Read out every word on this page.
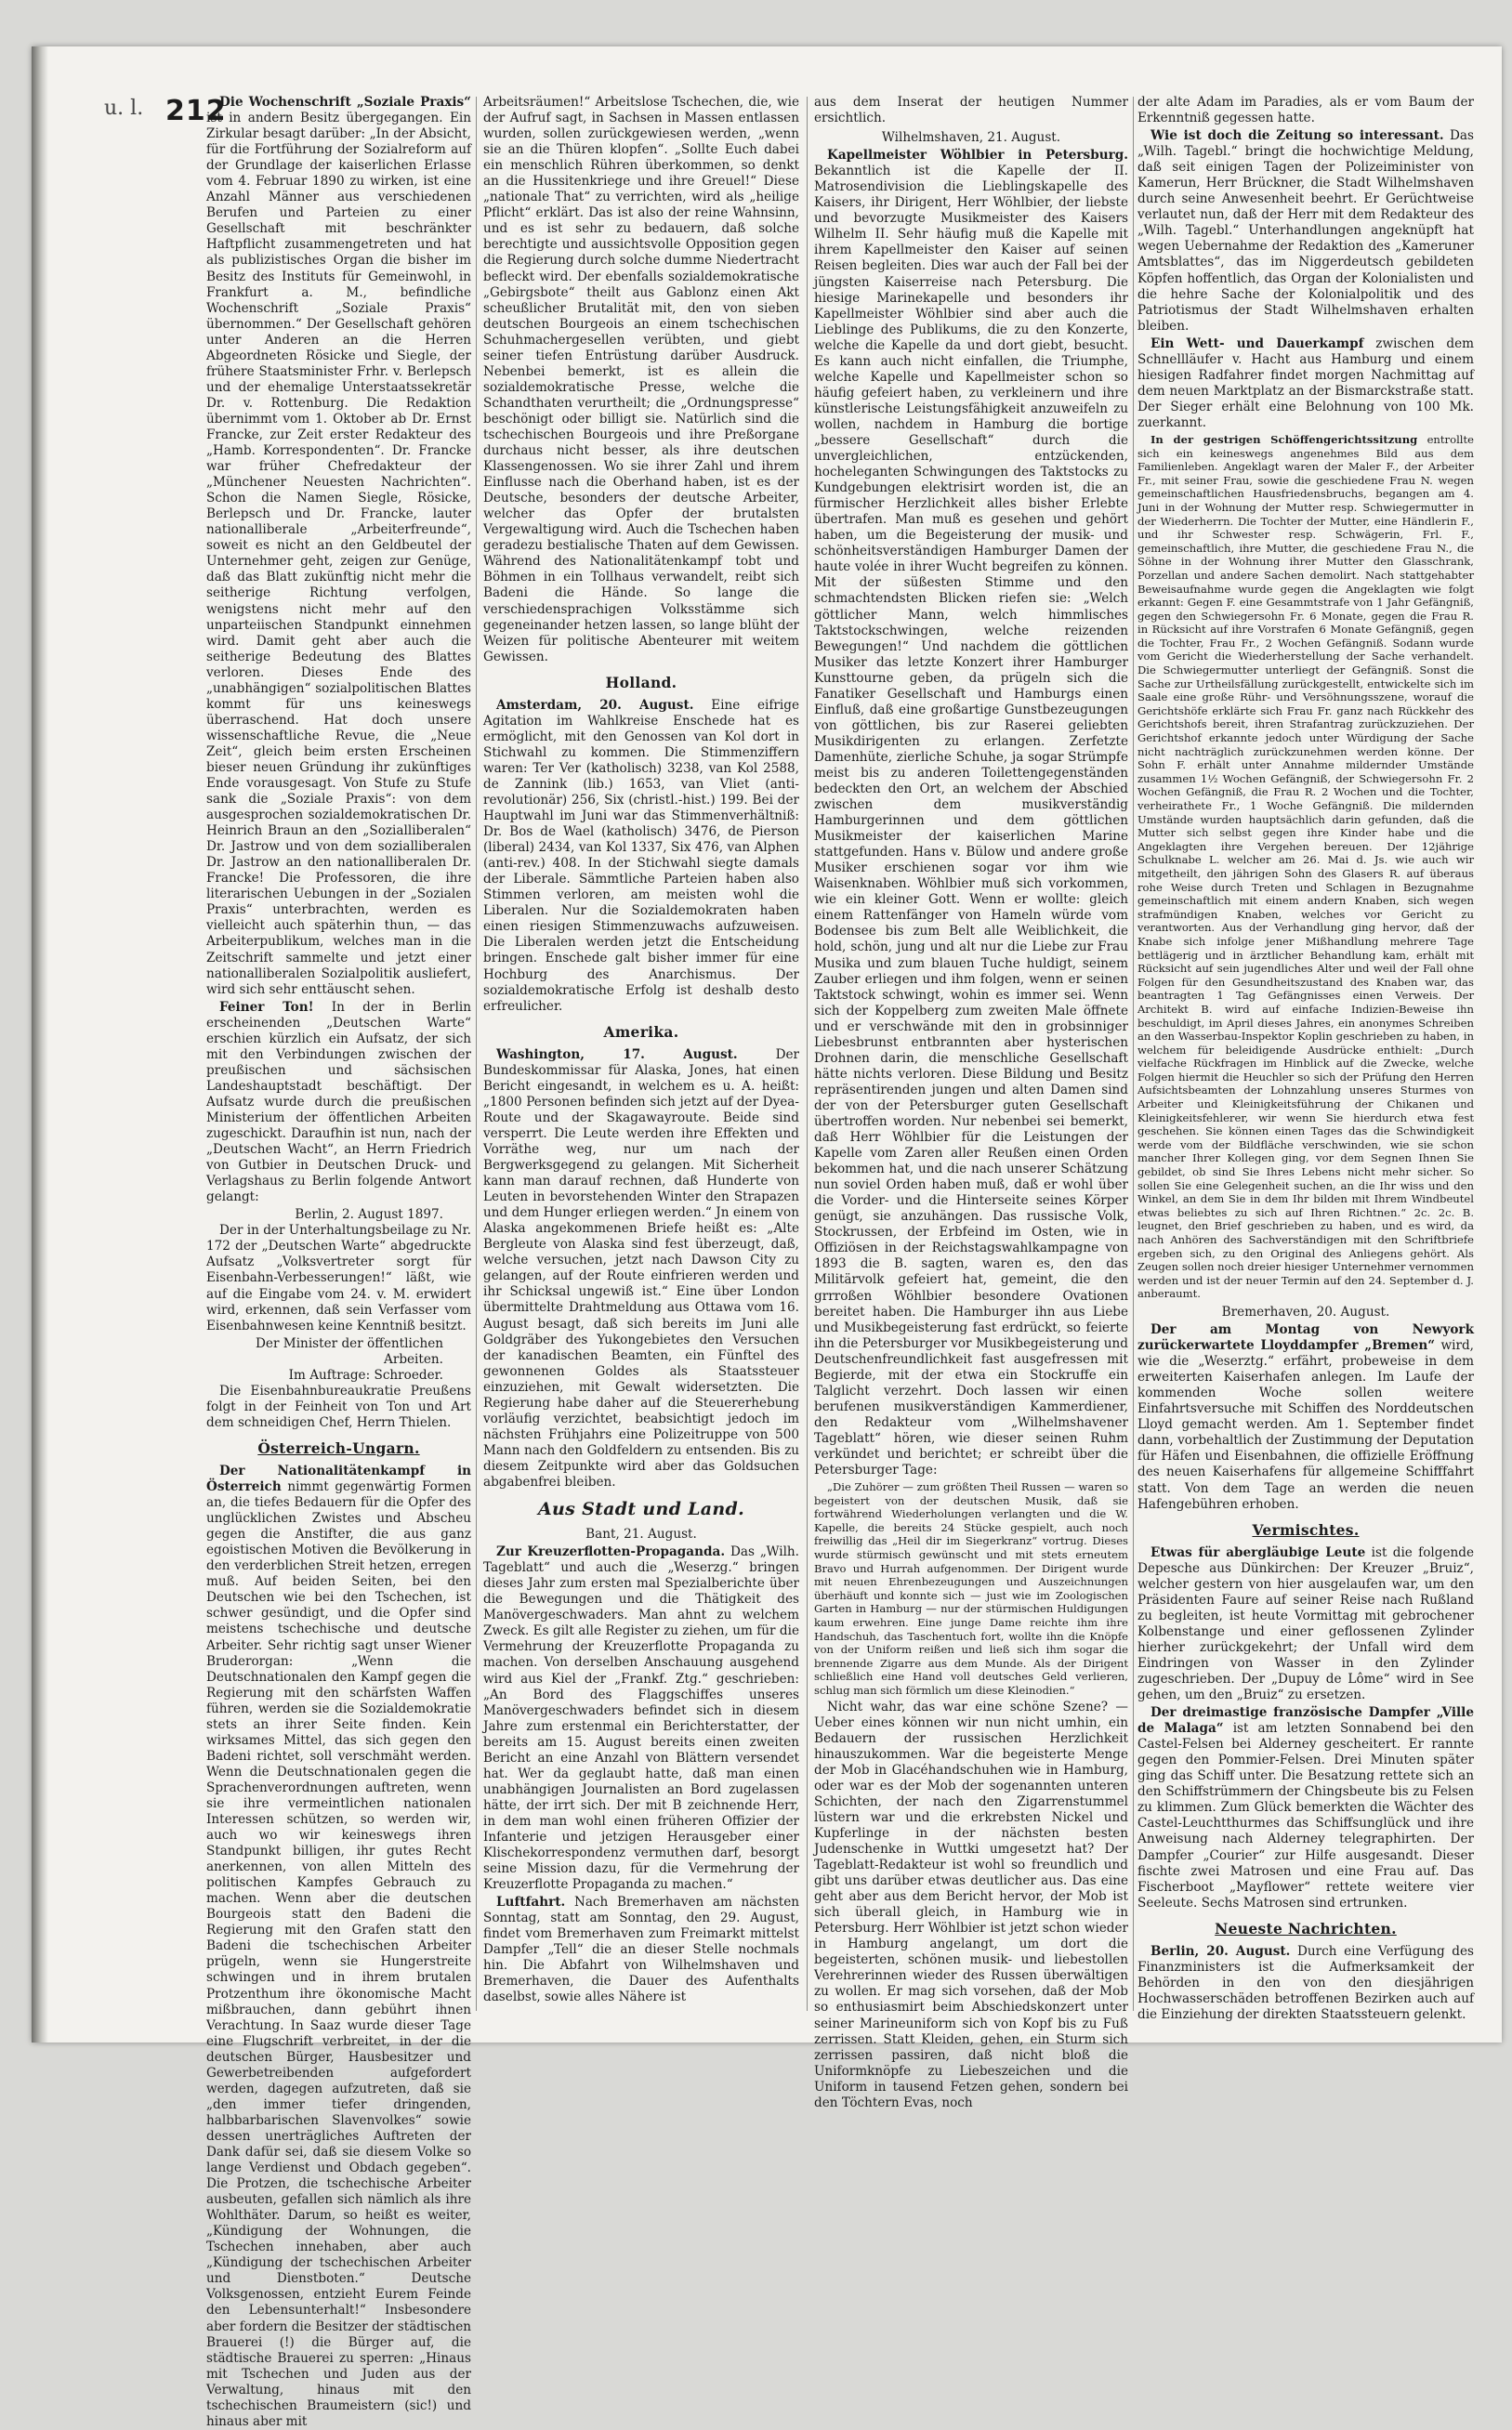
u. l. 212

Die Wochenschrift „Soziale Praxis“ ist in andern Besitz übergegangen. Ein Zirkular besagt darüber: „In der Absicht, für die Fortführung der Sozialreform auf der Grundlage der kaiserlichen Erlasse vom 4. Februar 1890 zu wirken, ist eine Anzahl Männer aus verschiedenen Berufen und Parteien zu einer Gesellschaft mit beschränkter Haftpflicht zusammengetreten und hat als publizistisches Organ die bisher im Besitz des Instituts für Gemeinwohl, in Frankfurt a. M., befindliche Wochenschrift „Soziale Praxis“ übernommen.“ Der Gesellschaft gehören unter Anderen an die Herren Abgeordneten Rösicke und Siegle, der frühere Staatsminister Frhr. v. Berlepsch und der ehemalige Unterstaatssekretär Dr. v. Rottenburg. Die Redaktion übernimmt vom 1. Oktober ab Dr. Ernst Francke, zur Zeit erster Redakteur des „Hamb. Korrespondenten“. Dr. Francke war früher Chefredakteur der „Münchener Neuesten Nachrichten“. Schon die Namen Siegle, Rösicke, Berlepsch und Dr. Francke, lauter nationalliberale „Arbeiterfreunde“, soweit es nicht an den Geldbeutel der Unternehmer geht, zeigen zur Genüge, daß das Blatt zukünftig nicht mehr die seitherige Richtung verfolgen, wenigstens nicht mehr auf den unparteiischen Standpunkt einnehmen wird. Damit geht aber auch die seitherige Bedeutung des Blattes verloren. Dieses Ende des „unabhängigen“ sozialpolitischen Blattes kommt für uns keineswegs überraschend. Hat doch unsere wissenschaftliche Revue, die „Neue Zeit“, gleich beim ersten Erscheinen bieser neuen Gründung ihr zukünftiges Ende vorausgesagt. Von Stufe zu Stufe sank die „Soziale Praxis“: von dem ausgesprochen sozialdemokratischen Dr. Heinrich Braun an den „Sozialliberalen“ Dr. Jastrow und von dem sozialliberalen Dr. Jastrow an den nationalliberalen Dr. Francke! Die Professoren, die ihre literarischen Uebungen in der „Sozialen Praxis“ unterbrachten, werden es vielleicht auch späterhin thun, — das Arbeiterpublikum, welches man in die Zeitschrift sammelte und jetzt einer nationalliberalen Sozialpolitik ausliefert, wird sich sehr enttäuscht sehen.

Feiner Ton! In der in Berlin erscheinenden „Deutschen Warte“ erschien kürzlich ein Aufsatz, der sich mit den Verbindungen zwischen der preußischen und sächsischen Landeshauptstadt beschäftigt. Der Aufsatz wurde durch die preußischen Ministerium der öffentlichen Arbeiten zugeschickt. Daraufhin ist nun, nach der „Deutschen Wacht“, an Herrn Friedrich von Gutbier in Deutschen Druck- und Verlagshaus zu Berlin folgende Antwort gelangt:

Berlin, 2. August 1897.

Der in der Unterhaltungsbeilage zu Nr. 172 der „Deutschen Warte“ abgedruckte Aufsatz „Volksvertreter sorgt für Eisenbahn-Verbesserungen!“ läßt, wie auf die Eingabe vom 24. v. M. erwidert wird, erkennen, daß sein Verfasser vom Eisenbahnwesen keine Kenntniß besitzt.

Der Minister der öffentlichen Arbeiten.

Im Auftrage: Schroeder.

Die Eisenbahnbureaukratie Preußens folgt in der Feinheit von Ton und Art dem schneidigen Chef, Herrn Thielen.

Österreich-Ungarn.

Der Nationalitätenkampf in Österreich nimmt gegenwärtig Formen an, die tiefes Bedauern für die Opfer des unglücklichen Zwistes und Abscheu gegen die Anstifter, die aus ganz egoistischen Motiven die Bevölkerung in den verderblichen Streit hetzen, erregen muß. Auf beiden Seiten, bei den Deutschen wie bei den Tschechen, ist schwer gesündigt, und die Opfer sind meistens tschechische und deutsche Arbeiter. Sehr richtig sagt unser Wiener Bruderorgan: „Wenn die Deutschnationalen den Kampf gegen die Regierung mit den schärfsten Waffen führen, werden sie die Sozialdemokratie stets an ihrer Seite finden. Kein wirksames Mittel, das sich gegen den Badeni richtet, soll verschmäht werden. Wenn die Deutschnationalen gegen die Sprachenverordnungen auftreten, wenn sie ihre vermeintlichen nationalen Interessen schützen, so werden wir, auch wo wir keineswegs ihren Standpunkt billigen, ihr gutes Recht anerkennen, von allen Mitteln des politischen Kampfes Gebrauch zu machen. Wenn aber die deutschen Bourgeois statt den Badeni die Regierung mit den Grafen statt den Badeni die tschechischen Arbeiter prügeln, wenn sie Hungerstreite schwingen und in ihrem brutalen Protzenthum ihre ökonomische Macht mißbrauchen, dann gebührt ihnen Verachtung. In Saaz wurde dieser Tage eine Flugschrift verbreitet, in der die deutschen Bürger, Hausbesitzer und Gewerbetreibenden aufgefordert werden, dagegen aufzutreten, daß sie „den immer tiefer dringenden, halbbarbarischen Slavenvolkes“ sowie dessen unerträgliches Auftreten der Dank dafür sei, daß sie diesem Volke so lange Verdienst und Obdach gegeben“. Die Protzen, die tschechische Arbeiter ausbeuten, gefallen sich nämlich als ihre Wohlthäter. Darum, so heißt es weiter, „Kündigung der Wohnungen, die Tschechen innehaben, aber auch „Kündigung der tschechischen Arbeiter und Dienstboten.“ Deutsche Volksgenossen, entzieht Eurem Feinde den Lebensunterhalt!“ Insbesondere aber fordern die Besitzer der städtischen Brauerei (!) die Bürger auf, die städtische Brauerei zu sperren: „Hinaus mit Tschechen und Juden aus der Verwaltung, hinaus mit den tschechischen Braumeistern (sic!) und hinaus aber mit

Arbeitsräumen!“ Arbeitslose Tschechen, die, wie der Aufruf sagt, in Sachsen in Massen entlassen wurden, sollen zurückgewiesen werden, „wenn sie an die Thüren klopfen“. „Sollte Euch dabei ein menschlich Rühren überkommen, so denkt an die Hussitenkriege und ihre Greuel!“ Diese „nationale That“ zu verrichten, wird als „heilige Pflicht“ erklärt. Das ist also der reine Wahnsinn, und es ist sehr zu bedauern, daß solche berechtigte und aussichtsvolle Opposition gegen die Regierung durch solche dumme Niedertracht befleckt wird. Der ebenfalls sozialdemokratische „Gebirgsbote“ theilt aus Gablonz einen Akt scheußlicher Brutalität mit, den von sieben deutschen Bourgeois an einem tschechischen Schuhmachergesellen verübten, und giebt seiner tiefen Entrüstung darüber Ausdruck. Nebenbei bemerkt, ist es allein die sozialdemokratische Presse, welche die Schandthaten verurtheilt; die „Ordnungspresse“ beschönigt oder billigt sie. Natürlich sind die tschechischen Bourgeois und ihre Preßorgane durchaus nicht besser, als ihre deutschen Klassengenossen. Wo sie ihrer Zahl und ihrem Einflusse nach die Oberhand haben, ist es der Deutsche, besonders der deutsche Arbeiter, welcher das Opfer der brutalsten Vergewaltigung wird. Auch die Tschechen haben geradezu bestialische Thaten auf dem Gewissen. Während des Nationalitätenkampf tobt und Böhmen in ein Tollhaus verwandelt, reibt sich Badeni die Hände. So lange die verschiedensprachigen Volksstämme sich gegeneinander hetzen lassen, so lange blüht der Weizen für politische Abenteurer mit weitem Gewissen.

Holland.

Amsterdam, 20. August. Eine eifrige Agitation im Wahlkreise Enschede hat es ermöglicht, mit den Genossen van Kol dort in Stichwahl zu kommen. Die Stimmenziffern waren: Ter Ver (katholisch) 3238, van Kol 2588, de Zannink (lib.) 1653, van Vliet (anti-revolutionär) 256, Six (christl.-hist.) 199. Bei der Hauptwahl im Juni war das Stimmenverhältniß: Dr. Bos de Wael (katholisch) 3476, de Pierson (liberal) 2434, van Kol 1337, Six 476, van Alphen (anti-rev.) 408. In der Stichwahl siegte damals der Liberale. Sämmtliche Parteien haben also Stimmen verloren, am meisten wohl die Liberalen. Nur die Sozialdemokraten haben einen riesigen Stimmenzuwachs aufzuweisen. Die Liberalen werden jetzt die Entscheidung bringen. Enschede galt bisher immer für eine Hochburg des Anarchismus. Der sozialdemokratische Erfolg ist deshalb desto erfreulicher.

Amerika.

Washington, 17. August.	Der Bundeskommissar für Alaska, Jones, hat einen Bericht eingesandt, in welchem es u. A. heißt: „1800 Personen befinden sich jetzt auf der Dyea-Route und der Skagawayroute. Beide sind versperrt. Die Leute werden ihre Effekten und Vorräthe weg, nur um nach der Bergwerksgegend zu gelangen. Mit Sicherheit kann man darauf rechnen, daß Hunderte von Leuten in bevorstehenden Winter den Strapazen und dem Hunger erliegen werden.“ Jn einem von Alaska angekommenen Briefe heißt es: „Alte Bergleute von Alaska sind fest überzeugt, daß, welche versuchen, jetzt nach Dawson City zu gelangen, auf der Route einfrieren werden und ihr Schicksal ungewiß ist.“ Eine über London übermittelte Drahtmeldung aus Ottawa vom 16. August besagt, daß sich bereits im Juni alle Goldgräber des Yukongebietes den Versuchen der kanadischen Beamten, ein Fünftel des gewonnenen Goldes als Staatssteuer einzuziehen, mit Gewalt widersetzten. Die Regierung habe daher auf die Steuererhebung vorläufig verzichtet, beabsichtigt jedoch im nächsten Frühjahrs eine Polizeitruppe von 500 Mann nach den Goldfeldern zu entsenden. Bis zu diesem Zeitpunkte wird aber das Goldsuchen abgabenfrei bleiben.

Aus Stadt und Land.
Bant, 21. August.

Zur Kreuzerflotten-Propaganda. Das „Wilh. Tageblatt“ und auch die „Weserzg.“ bringen dieses Jahr zum ersten mal Spezialberichte über die Bewegungen und die Thätigkeit des Manövergeschwaders. Man ahnt zu welchem Zweck. Es gilt alle Register zu ziehen, um für die Vermehrung der Kreuzerflotte Propaganda zu machen. Von derselben Anschauung ausgehend wird aus Kiel der „Frankf. Ztg.“ geschrieben: „An Bord des Flaggschiffes unseres Manövergeschwaders befindet sich in diesem Jahre zum erstenmal ein Berichterstatter, der bereits am 15. August bereits einen zweiten Bericht an eine Anzahl von Blättern versendet hat. Wer da geglaubt hatte, daß man einen unabhängigen Journalisten an Bord zugelassen hätte, der irrt sich. Der mit B zeichnende Herr, in dem man wohl einen früheren Offizier der Infanterie und jetzigen Herausgeber einer Klischekorrespondenz vermuthen darf, besorgt seine Mission dazu, für die Vermehrung der Kreuzerflotte Propaganda zu machen.“

Luftfahrt. Nach Bremerhaven am nächsten Sonntag, statt am Sonntag, den 29. August, findet vom Bremerhaven zum Freimarkt mittelst Dampfer „Tell“ die an dieser Stelle nochmals hin. Die Abfahrt von Wilhelmshaven und Bremerhaven, die Dauer des Aufenthalts daselbst, sowie alles Nähere ist

aus dem Inserat der heutigen Nummer ersichtlich.

Wilhelmshaven, 21. August.

Kapellmeister Wöhlbier in Petersburg. Bekanntlich ist die Kapelle der II. Matrosendivision die Lieblingskapelle des Kaisers, ihr Dirigent, Herr Wöhlbier, der liebste und bevorzugte Musikmeister des Kaisers Wilhelm II. Sehr häufig muß die Kapelle mit ihrem Kapellmeister den Kaiser auf seinen Reisen begleiten. Dies war auch der Fall bei der jüngsten Kaiserreise nach Petersburg. Die hiesige Marinekapelle und besonders ihr Kapellmeister Wöhlbier sind aber auch die Lieblinge des Publikums, die zu den Konzerte, welche die Kapelle da und dort giebt, besucht. Es kann auch nicht einfallen, die Triumphe, welche Kapelle und Kapellmeister schon so häufig gefeiert haben, zu verkleinern und ihre künstlerische Leistungsfähigkeit anzuweifeln zu wollen, nachdem in Hamburg die bortige „bessere Gesellschaft“ durch die unvergleichlichen, entzückenden, hocheleganten Schwingungen des Taktstocks zu Kundgebungen elektrisirt worden ist, die an fürmischer Herzlichkeit alles bisher Erlebte übertrafen. Man muß es gesehen und gehört haben, um die Begeisterung der musik- und schönheitsverständigen Hamburger Damen der haute volée in ihrer Wucht begreifen zu können. Mit der süßesten Stimme und den schmachtendsten Blicken riefen sie: „Welch göttlicher Mann, welch himmlisches Taktstockschwingen, welche reizenden Bewegungen!“ Und nachdem die göttlichen Musiker das letzte Konzert ihrer Hamburger Kunsttourne geben, da prügeln sich die Fanatiker Gesellschaft und Hamburgs einen Einfluß, daß eine großartige Gunstbezeugungen von göttlichen, bis zur Raserei geliebten Musikdirigenten zu erlangen. Zerfetzte Damenhüte, zierliche Schuhe, ja sogar Strümpfe meist bis zu anderen Toilettengegenständen bedeckten den Ort, an welchem der Abschied zwischen dem musikverständig Hamburgerinnen und dem göttlichen Musikmeister der kaiserlichen Marine stattgefunden. Hans v. Bülow und andere große Musiker erschienen sogar vor ihm wie Waisenknaben. Wöhlbier muß sich vorkommen, wie ein kleiner Gott. Wenn er wollte: gleich einem Rattenfänger von Hameln würde vom Bodensee bis zum Belt alle Weiblichkeit, die hold, schön, jung und alt nur die Liebe zur Frau Musika und zum blauen Tuche huldigt, seinem Zauber erliegen und ihm folgen, wenn er seinen Taktstock schwingt, wohin es immer sei. Wenn sich der Koppelberg zum zweiten Male öffnete und er verschwände mit den in grobsinniger Liebesbrunst entbrannten aber hysterischen Drohnen darin, die menschliche Gesellschaft hätte nichts verloren. Diese Bildung und Besitz repräsentirenden jungen und alten Damen sind der von der Petersburger guten Gesellschaft übertroffen worden. Nur nebenbei sei bemerkt, daß Herr Wöhlbier für die Leistungen der Kapelle vom Zaren aller Reußen einen Orden bekommen hat, und die nach unserer Schätzung nun soviel Orden haben muß, daß er wohl über die Vorder- und die Hinterseite seines Körper genügt, sie anzuhängen. Das russische Volk, Stockrussen, der Erbfeind im Osten, wie in Offiziösen in der Reichstagswahlkampagne von 1893 die B. sagten, waren es, den das Militärvolk gefeiert hat, gemeint, die den grrroßen Wöhlbier besondere Ovationen bereitet haben. Die Hamburger ihn aus Liebe und Musikbegeisterung fast erdrückt, so feierte ihn die Petersburger vor Musikbegeisterung und Deutschenfreundlichkeit fast ausgefressen mit Begierde, mit der etwa ein Stockruffe ein Talglicht verzehrt. Doch lassen wir einen berufenen musikverständigen Kammerdiener, den Redakteur vom „Wilhelmshavener Tageblatt“ hören, wie dieser seinen Ruhm verkündet und berichtet; er schreibt über die Petersburger Tage:

„Die Zuhörer — zum größten Theil Russen — waren so begeistert von der deutschen Musik, daß sie fortwährend Wiederholungen verlangten und die W. Kapelle, die bereits 24 Stücke gespielt, auch noch freiwillig das „Heil dir im Siegerkranz“ vortrug. Dieses wurde stürmisch gewünscht und mit stets erneutem Bravo und Hurrah aufgenommen. Der Dirigent wurde mit neuen Ehrenbezeugungen und Auszeichnungen überhäuft und konnte sich — just wie im Zoologischen Garten in Hamburg — nur der stürmischen Huldigungen kaum erwehren. Eine junge Dame reichte ihm ihre Handschuh, das Taschentuch fort, wollte ihn die Knöpfe von der Uniform reißen und ließ sich ihm sogar die brennende Zigarre aus dem Munde. Als der Dirigent schließlich eine Hand voll deutsches Geld verlieren, schlug man sich förmlich um diese Kleinodien.“

Nicht wahr, das war eine schöne Szene? — Ueber eines können wir nun nicht umhin, ein Bedauern der russischen Herzlichkeit hinauszukommen. War die begeisterte Menge der Mob in Glacéhandschuhen wie in Hamburg, oder war es der Mob der sogenannten unteren Schichten, der nach den Zigarrenstummel lüstern war und die erkrebsten Nickel und Kupferlinge in der nächsten besten Judenschenke in Wuttki umgesetzt hat? Der Tageblatt-Redakteur ist wohl so freundlich und gibt uns darüber etwas deutlicher aus. Das eine geht aber aus dem Bericht hervor, der Mob ist sich überall gleich, in Hamburg wie in Petersburg. Herr Wöhlbier ist jetzt schon wieder in Hamburg angelangt, um dort die begeisterten, schönen musik- und liebestollen Verehrerinnen wieder des Russen überwältigen zu wollen. Er mag sich vorsehen, daß der Mob so enthusiasmirt beim Abschiedskonzert unter seiner Marineuniform sich von Kopf bis zu Fuß zerrissen. Statt Kleiden, gehen, ein Sturm sich zerrissen passiren, daß nicht bloß die Uniformknöpfe zu Liebeszeichen und die Uniform in tausend Fetzen gehen, sondern bei den Töchtern Evas, noch

der alte Adam im Paradies, als er vom Baum der Erkenntniß gegessen hatte.

Wie ist doch die Zeitung so interessant. Das „Wilh. Tagebl.“ bringt die hochwichtige Meldung, daß seit einigen Tagen der Polizeiminister von Kamerun, Herr Brückner, die Stadt Wilhelmshaven durch seine Anwesenheit beehrt. Er Gerüchtweise verlautet nun, daß der Herr mit dem Redakteur des „Wilh. Tagebl.“ Unterhandlungen angeknüpft hat wegen Uebernahme der Redaktion des „Kameruner Amtsblattes“, das im Niggerdeutsch gebildeten Köpfen hoffentlich, das Organ der Kolonialisten und die hehre Sache der Kolonialpolitik und des Patriotismus der Stadt Wilhelmshaven erhalten bleiben.

Ein Wett- und Dauerkampf zwischen dem Schnellläufer v. Hacht aus Hamburg und einem hiesigen Radfahrer findet morgen Nachmittag auf dem neuen Marktplatz an der Bismarckstraße statt. Der Sieger erhält eine Belohnung von 100 Mk. zuerkannt.

In der gestrigen Schöffengerichtssitzung entrollte sich ein keineswegs angenehmes Bild aus dem Familienleben. Angeklagt waren der Maler F., der Arbeiter Fr., mit seiner Frau, sowie die geschiedene Frau N. wegen gemeinschaftlichen Hausfriedensbruchs, begangen am 4. Juni in der Wohnung der Mutter resp. Schwiegermutter in der Wiederherrn. Die Tochter der Mutter, eine Händlerin F., und ihr Schwester resp. Schwägerin, Frl. F., gemeinschaftlich, ihre Mutter, die geschiedene Frau N., die Söhne in der Wohnung ihrer Mutter den Glasschrank, Porzellan und andere Sachen demolirt. Nach stattgehabter Beweisaufnahme wurde gegen die Angeklagten wie folgt erkannt: Gegen F. eine Gesammtstrafe von 1 Jahr Gefängniß, gegen den Schwiegersohn Fr. 6 Monate, gegen die Frau R. in Rücksicht auf ihre Vorstrafen 6 Monate Gefängniß, gegen die Tochter, Frau Fr., 2 Wochen Gefängniß. Sodann wurde vom Gericht die Wiederherstellung der Sache verhandelt. Die Schwiegermutter unterliegt der Gefängniß. Sonst die Sache zur Urtheilsfällung zurückgestellt, entwickelte sich im Saale eine große Rühr- und Versöhnungsszene, worauf die Gerichtshöfe erklärte sich Frau Fr. ganz nach Rückkehr des Gerichtshofs bereit, ihren Strafantrag zurückzuziehen. Der Gerichtshof erkannte jedoch unter Würdigung der Sache nicht nachträglich zurückzunehmen werden könne. Der Sohn F. erhält unter Annahme mildernder Umstände zusammen 1½ Wochen Gefängniß, der Schwiegersohn Fr. 2 Wochen Gefängniß, die Frau R. 2 Wochen und die Tochter, verheirathete Fr., 1 Woche Gefängniß. Die mildernden Umstände wurden hauptsächlich darin gefunden, daß die Mutter sich selbst gegen ihre Kinder habe und die Angeklagten ihre Vergehen bereuen. Der 12jährige Schulknabe L. welcher am 26. Mai d. Js. wie auch wir mitgetheilt, den jährigen Sohn des Glasers R. auf überaus rohe Weise durch Treten und Schlagen in Bezugnahme gemeinschaftlich mit einem andern Knaben, sich wegen strafmündigen Knaben, welches vor Gericht zu verantworten. Aus der Verhandlung ging hervor, daß der Knabe sich infolge jener Mißhandlung mehrere Tage bettlägerig und in ärztlicher Behandlung kam, erhält mit Rücksicht auf sein jugendliches Alter und weil der Fall ohne Folgen für den Gesundheitszustand des Knaben war, das beantragten 1 Tag Gefängnisses einen Verweis. Der Architekt B. wird auf einfache Indizien-Beweise ihn beschuldigt, im April dieses Jahres, ein anonymes Schreiben an den Wasserbau-Inspektor Koplin geschrieben zu haben, in welchem für beleidigende Ausdrücke enthielt: „Durch vielfache Rückfragen im Hinblick auf die Zwecke, welche Folgen hiermit die Heuchler so sich der Prüfung den Herren Aufsichtsbeamten der Lohnzahlung unseres Sturmes von Arbeiter und Kleinigkeitsführung der Chikanen und Kleinigkeitsfehlerer, wir wenn Sie hierdurch etwa fest geschehen. Sie können einen Tages das die Schwindigkeit werde vom der Bildfläche verschwinden, wie sie schon mancher Ihrer Kollegen ging, vor dem Segnen Ihnen Sie gebildet, ob sind Sie Ihres Lebens nicht mehr sicher. So sollen Sie eine Gelegenheit suchen, an die Ihr wiss und den Winkel, an dem Sie in dem Ihr bilden mit Ihrem Windbeutel etwas beliebtes zu sich auf Ihren Richtnen.“ 2c. 2c. B. leugnet, den Brief geschrieben zu haben, und es wird, da nach Anhören des Sachverständigen mit den Schriftbriefe ergeben sich, zu den Original des Anliegens gehört. Als Zeugen sollen noch dreier hiesiger Unternehmer vernommen werden und ist der neuer Termin auf den 24. September d. J. anberaumt.

Bremerhaven, 20. August.

Der am Montag von Newyork zurückerwartete Lloyddampfer „Bremen“ wird, wie die „Weserztg.“ erfährt, probeweise in dem erweiterten Kaiserhafen anlegen. Im Laufe der kommenden Woche sollen weitere Einfahrtsversuche mit Schiffen des Norddeutschen Lloyd gemacht werden. Am 1. September findet dann, vorbehaltlich der Zustimmung der Deputation für Häfen und Eisenbahnen, die offizielle Eröffnung des neuen Kaiserhafens für allgemeine Schifffahrt statt. Von dem Tage an werden die neuen Hafengebühren erhoben.

Vermischtes.

Etwas für abergläubige Leute ist die folgende Depesche aus Dünkirchen: Der Kreuzer „Bruiz“, welcher gestern von hier ausgelaufen war, um den Präsidenten Faure auf seiner Reise nach Rußland zu begleiten, ist heute Vormittag mit gebrochener Kolbenstange und einer geflossenen Zylinder hierher zurückgekehrt; der Unfall wird dem Eindringen von Wasser in den Zylinder zugeschrieben. Der „Dupuy de Lôme“ wird in See gehen, um den „Bruiz“ zu ersetzen.

Der dreimastige französische Dampfer „Ville de Malaga“ ist am letzten Sonnabend bei den Castel-Felsen bei Alderney gescheitert. Er rannte gegen den Pommier-Felsen. Drei Minuten später ging das Schiff unter. Die Besatzung rettete sich an den Schiffstrümmern der Chingsbeute bis zu Felsen zu klimmen. Zum Glück bemerkten die Wächter des Castel-Leuchtthurmes das Schiffsunglück und ihre Anweisung nach Alderney telegraphirten. Der Dampfer „Courier“ zur Hilfe ausgesandt. Dieser fischte zwei Matrosen und eine Frau auf. Das Fischerboot „Mayflower“ rettete weitere vier Seeleute. Sechs Matrosen sind ertrunken.

Neueste Nachrichten.

Berlin, 20. August. Durch eine Verfügung des Finanzministers ist die Aufmerksamkeit der Behörden in den von den diesjährigen Hochwasserschäden betroffenen Bezirken auch auf die Einziehung der direkten Staatssteuern gelenkt.
